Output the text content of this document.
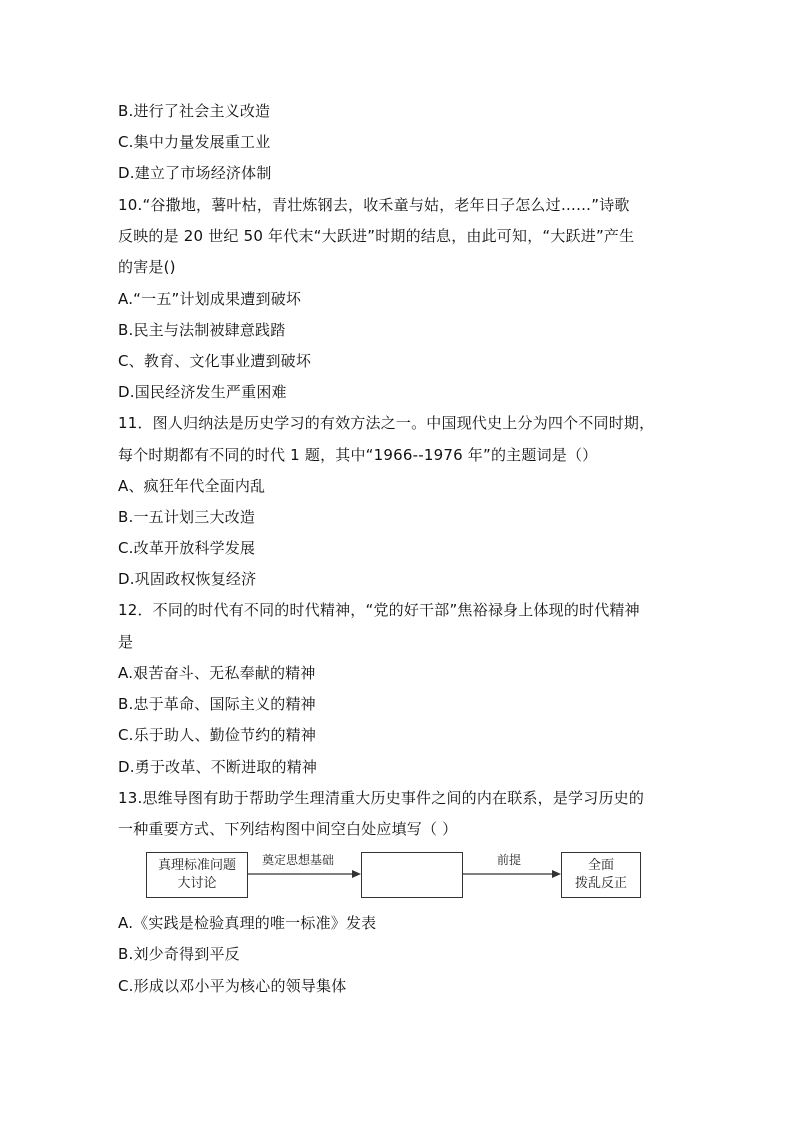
B.进行了社会主义改造
C.集中力量发展重工业
D.建立了市场经济体制
10.“谷撒地，薯叶枯，青壮炼钢去，收禾童与姑，老年日子怎么过……”诗歌
反映的是 20 世纪 50 年代末“大跃进”时期的结息，由此可知，“大跃进”产生
的害是()
A.“一五”计划成果遭到破坏
B.民主与法制被肆意践踏
C、教育、文化事业遭到破坏
D.国民经济发生严重困难
11．图人归纳法是历史学习的有效方法之一。中国现代史上分为四个不同时期，
每个时期都有不同的时代 1 题，其中“1966--1976 年”的主题词是（）
A、疯狂年代全面内乱
B.一五计划三大改造
C.改革开放科学发展
D.巩固政权恢复经济
12．不同的时代有不同的时代精神，“党的好干部”焦裕禄身上体现的时代精神
是
A.艰苦奋斗、无私奉献的精神
B.忠于革命、国际主义的精神
C.乐于助人、勤俭节约的精神
D.勇于改革、不断进取的精神
13.思维导图有助于帮助学生理清重大历史事件之间的内在联系，是学习历史的
一种重要方式、下列结构图中间空白处应填写（ ）
真理标准问题
大讨论
奠定思想基础	前提	全面
拨乱反正
A.《实践是检验真理的唯一标准》发表
B.刘少奇得到平反
C.形成以邓小平为核心的领导集体
